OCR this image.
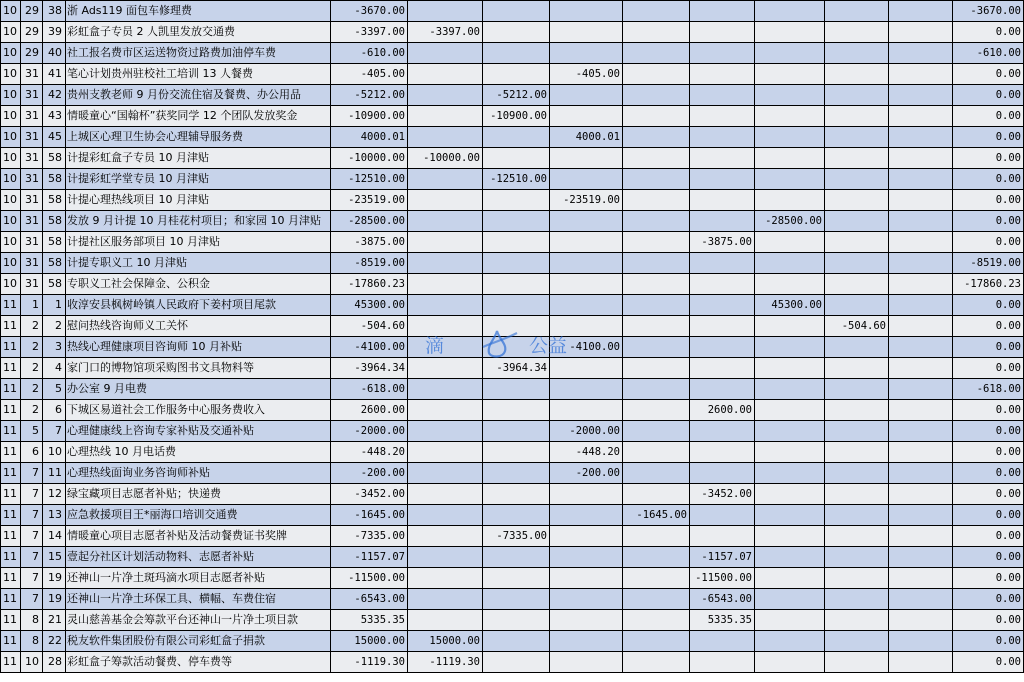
10	29	38	浙 Ads119 面包车修理费	-3670.00									-3670.00
10	29	39	彩虹盒子专员 2 人凯里发放交通费	-3397.00	-3397.00								0.00
10	29	40	社工报名费市区运送物资过路费加油停车费	-610.00									-610.00
10	31	41	笔心计划贵州驻校社工培训 13 人餐费	-405.00			-405.00						0.00
10	31	42	贵州支教老师 9 月份交流住宿及餐费、办公用品	-5212.00		-5212.00							0.00
10	31	43	情暖童心“国翰杯”获奖同学 12 个团队发放奖金	-10900.00		-10900.00							0.00
10	31	45	上城区心理卫生协会心理辅导服务费	4000.01			4000.01						0.00
10	31	58	计提彩虹盒子专员 10 月津贴	-10000.00	-10000.00								0.00
10	31	58	计提彩虹学堂专员 10 月津贴	-12510.00		-12510.00							0.00
10	31	58	计提心理热线项目 10 月津贴	-23519.00			-23519.00						0.00
10	31	58	发放 9 月计提 10 月桂花村项目；和家园 10 月津贴	-28500.00						-28500.00			0.00
10	31	58	计提社区服务部项目 10 月津贴	-3875.00					-3875.00				0.00
10	31	58	计提专职义工 10 月津贴	-8519.00									-8519.00
10	31	58	专职义工社会保障金、公积金	-17860.23									-17860.23
11	1	1	收淳安县枫树岭镇人民政府下姜村项目尾款	45300.00						45300.00			0.00
11	2	2	慰问热线咨询师义工关怀	-504.60							-504.60		0.00
11	2	3	热线心理健康项目咨询师 10 月补贴	-4100.00			-4100.00						0.00
11	2	4	家门口的博物馆项采购图书文具物料等	-3964.34		-3964.34							0.00
11	2	5	办公室 9 月电费	-618.00									-618.00
11	2	6	下城区易道社会工作服务中心服务费收入	2600.00					2600.00				0.00
11	5	7	心理健康线上咨询专家补贴及交通补贴	-2000.00			-2000.00						0.00
11	6	10	心理热线 10 月电话费	-448.20			-448.20						0.00
11	7	11	心理热线面询业务咨询师补贴	-200.00			-200.00						0.00
11	7	12	绿宝藏项目志愿者补贴；快递费	-3452.00					-3452.00				0.00
11	7	13	应急救援项目王*丽海口培训交通费	-1645.00				-1645.00					0.00
11	7	14	情暖童心项目志愿者补贴及活动餐费证书奖牌	-7335.00		-7335.00							0.00
11	7	15	壹起分社区计划活动物料、志愿者补贴	-1157.07					-1157.07				0.00
11	7	19	还神山一片净土斑玛滴水项目志愿者补贴	-11500.00					-11500.00				0.00
11	7	19	还神山一片净土环保工具、横幅、车费住宿	-6543.00					-6543.00				0.00
11	8	21	灵山慈善基金会筹款平台还神山一片净土项目款	5335.35					5335.35				0.00
11	8	22	税友软件集团股份有限公司彩虹盒子捐款	15000.00	15000.00								0.00
11	10	28	彩虹盒子筹款活动餐费、停车费等	-1119.30	-1119.30								0.00
滴	公益
